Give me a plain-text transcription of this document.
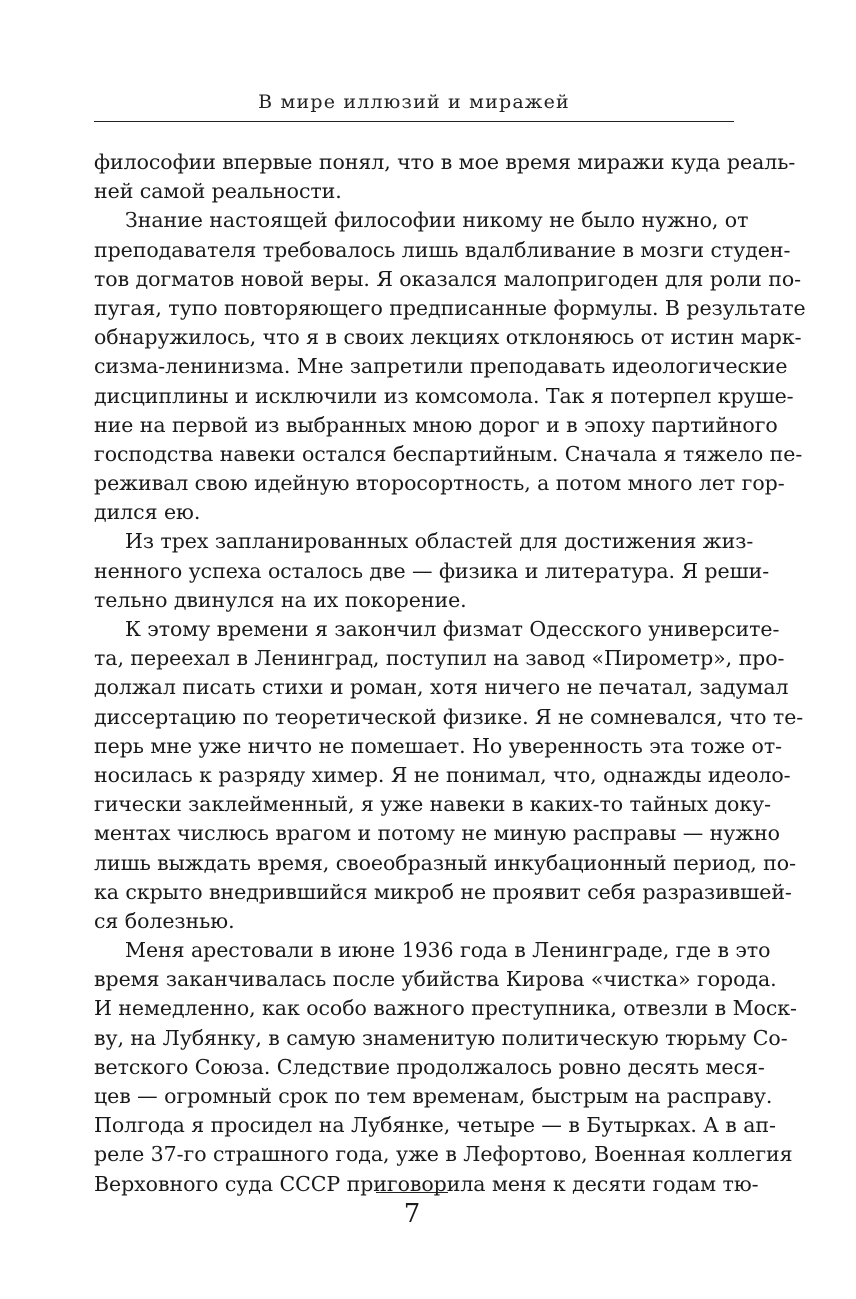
В мире иллюзий и миражей
философии впервые понял, что в мое время миражи куда реаль-
ней самой реальности.
Знание настоящей философии никому не было нужно, от
преподавателя требовалось лишь вдалбливание в мозги студен-
тов догматов новой веры. Я оказался малопригоден для роли по-
пугая, тупо повторяющего предписанные формулы. В результате
обнаружилось, что я в своих лекциях отклоняюсь от истин марк-
сизма-ленинизма. Мне запретили преподавать идеологические
дисциплины и исключили из комсомола. Так я потерпел круше-
ние на первой из выбранных мною дорог и в эпоху партийного
господства навеки остался беспартийным. Сначала я тяжело пе-
реживал свою идейную второсортность, а потом много лет гор-
дился ею.
Из трех запланированных областей для достижения жиз-
ненного успеха осталось две — физика и литература. Я реши-
тельно двинулся на их покорение.
К этому времени я закончил физмат Одесского университе-
та, переехал в Ленинград, поступил на завод «Пирометр», про-
должал писать стихи и роман, хотя ничего не печатал, задумал
диссертацию по теоретической физике. Я не сомневался, что те-
перь мне уже ничто не помешает. Но уверенность эта тоже от-
носилась к разряду химер. Я не понимал, что, однажды идеоло-
гически заклейменный, я уже навеки в каких-то тайных доку-
ментах числюсь врагом и потому не миную расправы — нужно
лишь выждать время, своеобразный инкубационный период, по-
ка скрыто внедрившийся микроб не проявит себя разразившей-
ся болезнью.
Меня арестовали в июне 1936 года в Ленинграде, где в это
время заканчивалась после убийства Кирова «чистка» города.
И немедленно, как особо важного преступника, отвезли в Моск-
ву, на Лубянку, в самую знаменитую политическую тюрьму Со-
ветского Союза. Следствие продолжалось ровно десять меся-
цев — огромный срок по тем временам, быстрым на расправу.
Полгода я просидел на Лубянке, четыре — в Бутырках. А в ап-
реле 37-го страшного года, уже в Лефортово, Военная коллегия
Верховного суда СССР приговорила меня к десяти годам тю-
7
